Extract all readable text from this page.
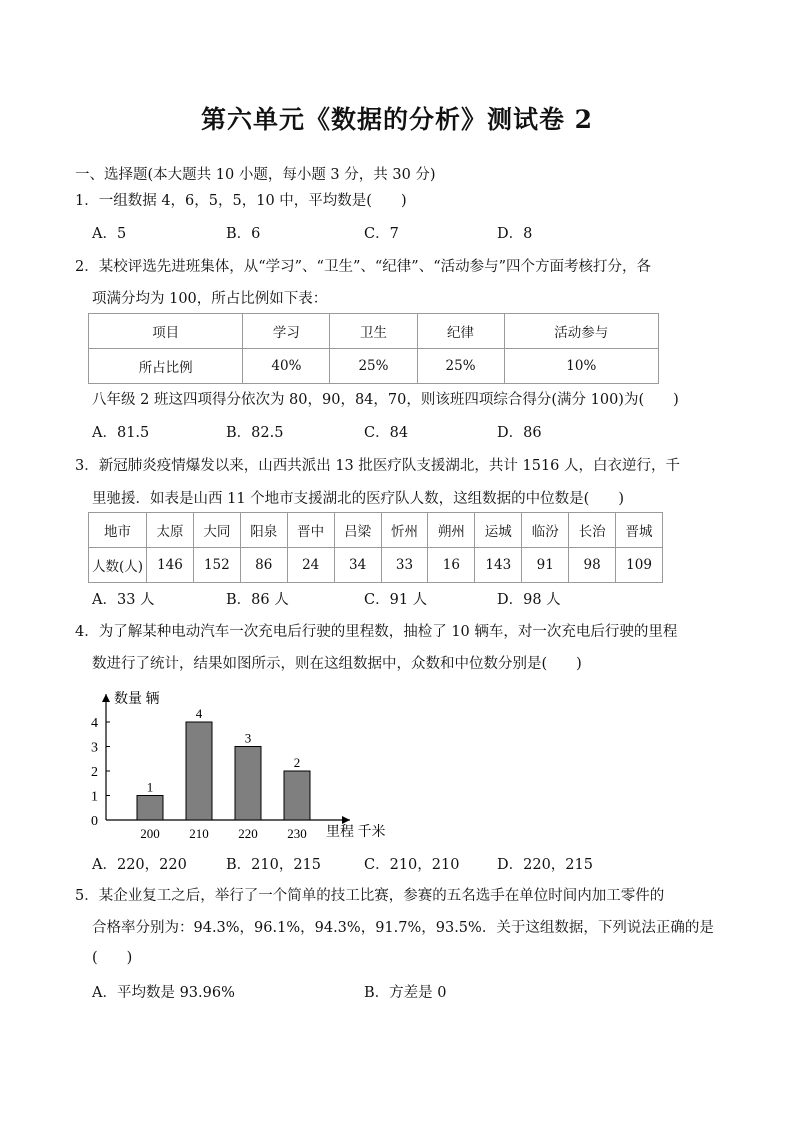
第六单元《数据的分析》测试卷 2
一、选择题(本大题共 10 小题，每小题 3 分，共 30 分)
1．一组数据 4，6，5，5，10 中，平均数是(　　)
A．5	B．6	C．7	D．8
2．某校评选先进班集体，从“学习”、“卫生”、“纪律”、“活动参与”四个方面考核打分，各
项满分均为 100，所占比例如下表：
项目	学习	卫生	纪律	活动参与
所占比例	40%	25%	25%	10%
八年级 2 班这四项得分依次为 80，90，84，70，则该班四项综合得分(满分 100)为(　　)
A．81.5	B．82.5	C．84	D．86
3．新冠肺炎疫情爆发以来，山西共派出 13 批医疗队支援湖北，共计 1516 人，白衣逆行，千
里驰援．如表是山西 11 个地市支援湖北的医疗队人数，这组数据的中位数是(　　)
地市	太原	大同	阳泉	晋中	吕梁	忻州	朔州	运城	临汾	长治	晋城
人数(人)	146	152	86	24	34	33	16	143	91	98	109
A．33 人	B．86 人	C．91 人	D．98 人
4．为了解某种电动汽车一次充电后行驶的里程数，抽检了 10 辆车，对一次充电后行驶的里程
数进行了统计，结果如图所示，则在这组数据中，众数和中位数分别是(　　)
0
1
2
3
4
1
200
4
210
3
220
2
230
数量 辆
里程 千米
A．220，220	B．210，215	C．210，210	D．220，215
5．某企业复工之后，举行了一个简单的技工比赛，参赛的五名选手在单位时间内加工零件的
合格率分别为：94.3%，96.1%，94.3%，91.7%，93.5%．关于这组数据，下列说法正确的是
(　　)
A．平均数是 93.96%	B．方差是 0
